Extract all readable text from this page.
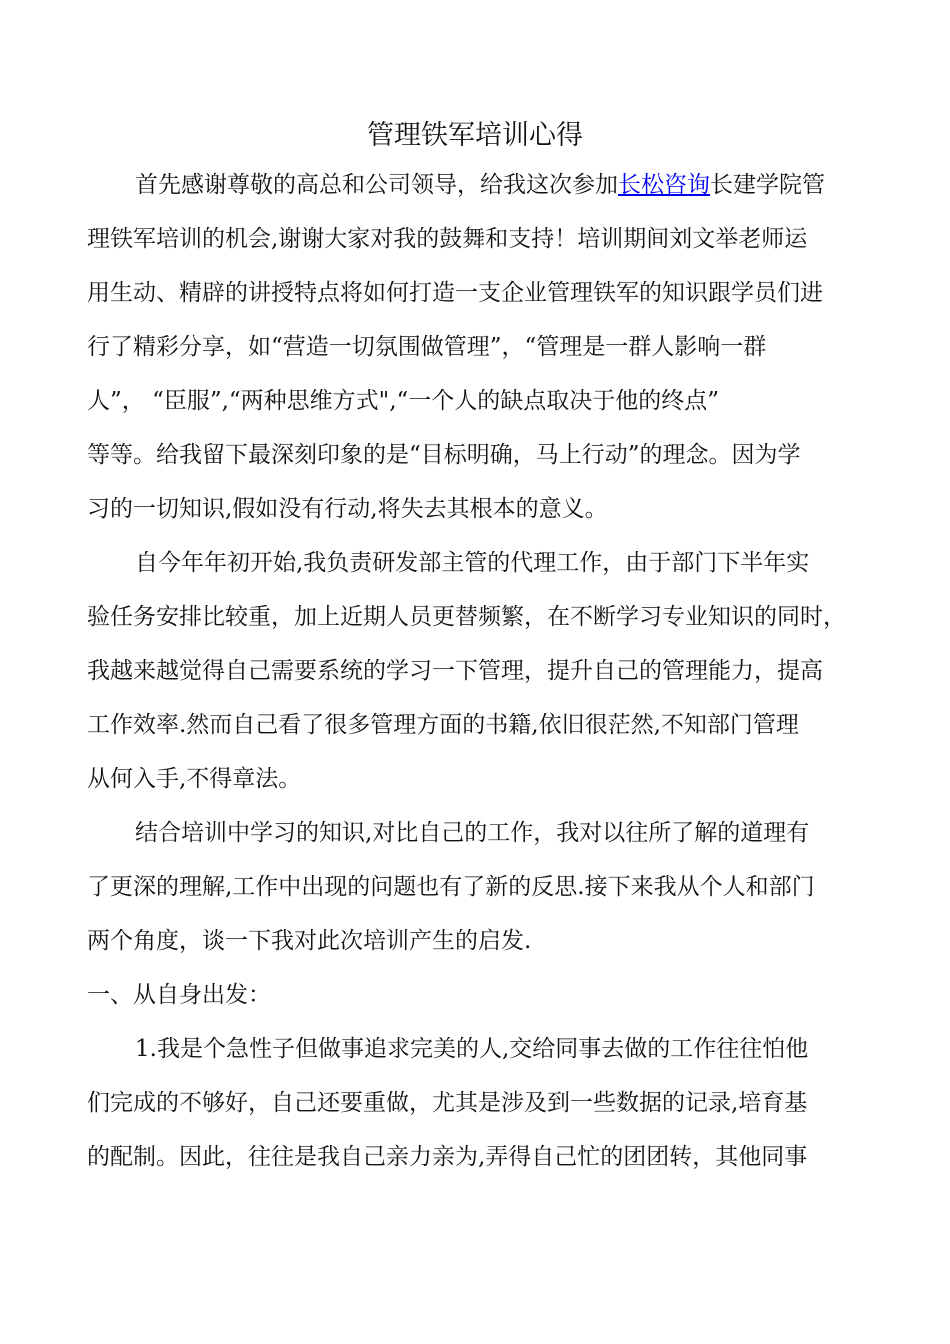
管理铁军培训心得
首先感谢尊敬的高总和公司领导，给我这次参加长松咨询长建学院管
理铁军培训的机会,谢谢大家对我的鼓舞和支持！培训期间刘文举老师运
用生动、精辟的讲授特点将如何打造一支企业管理铁军的知识跟学员们进
行了精彩分享，如“营造一切氛围做管理”，“管理是一群人影响一群
人”， “臣服”,“两种思维方式",“一个人的缺点取决于他的终点”
等等。给我留下最深刻印象的是“目标明确，马上行动”的理念。因为学
习的一切知识,假如没有行动,将失去其根本的意义。
自今年年初开始,我负责研发部主管的代理工作，由于部门下半年实
验任务安排比较重，加上近期人员更替频繁，在不断学习专业知识的同时，
我越来越觉得自己需要系统的学习一下管理，提升自己的管理能力，提高
工作效率.然而自己看了很多管理方面的书籍,依旧很茫然,不知部门管理
从何入手,不得章法。
结合培训中学习的知识,对比自己的工作，我对以往所了解的道理有
了更深的理解,工作中出现的问题也有了新的反思.接下来我从个人和部门
两个角度，谈一下我对此次培训产生的启发.
一、从自身出发：
1.我是个急性子但做事追求完美的人,交给同事去做的工作往往怕他
们完成的不够好，自己还要重做，尤其是涉及到一些数据的记录,培育基
的配制。因此，往往是我自己亲力亲为,弄得自己忙的团团转，其他同事
